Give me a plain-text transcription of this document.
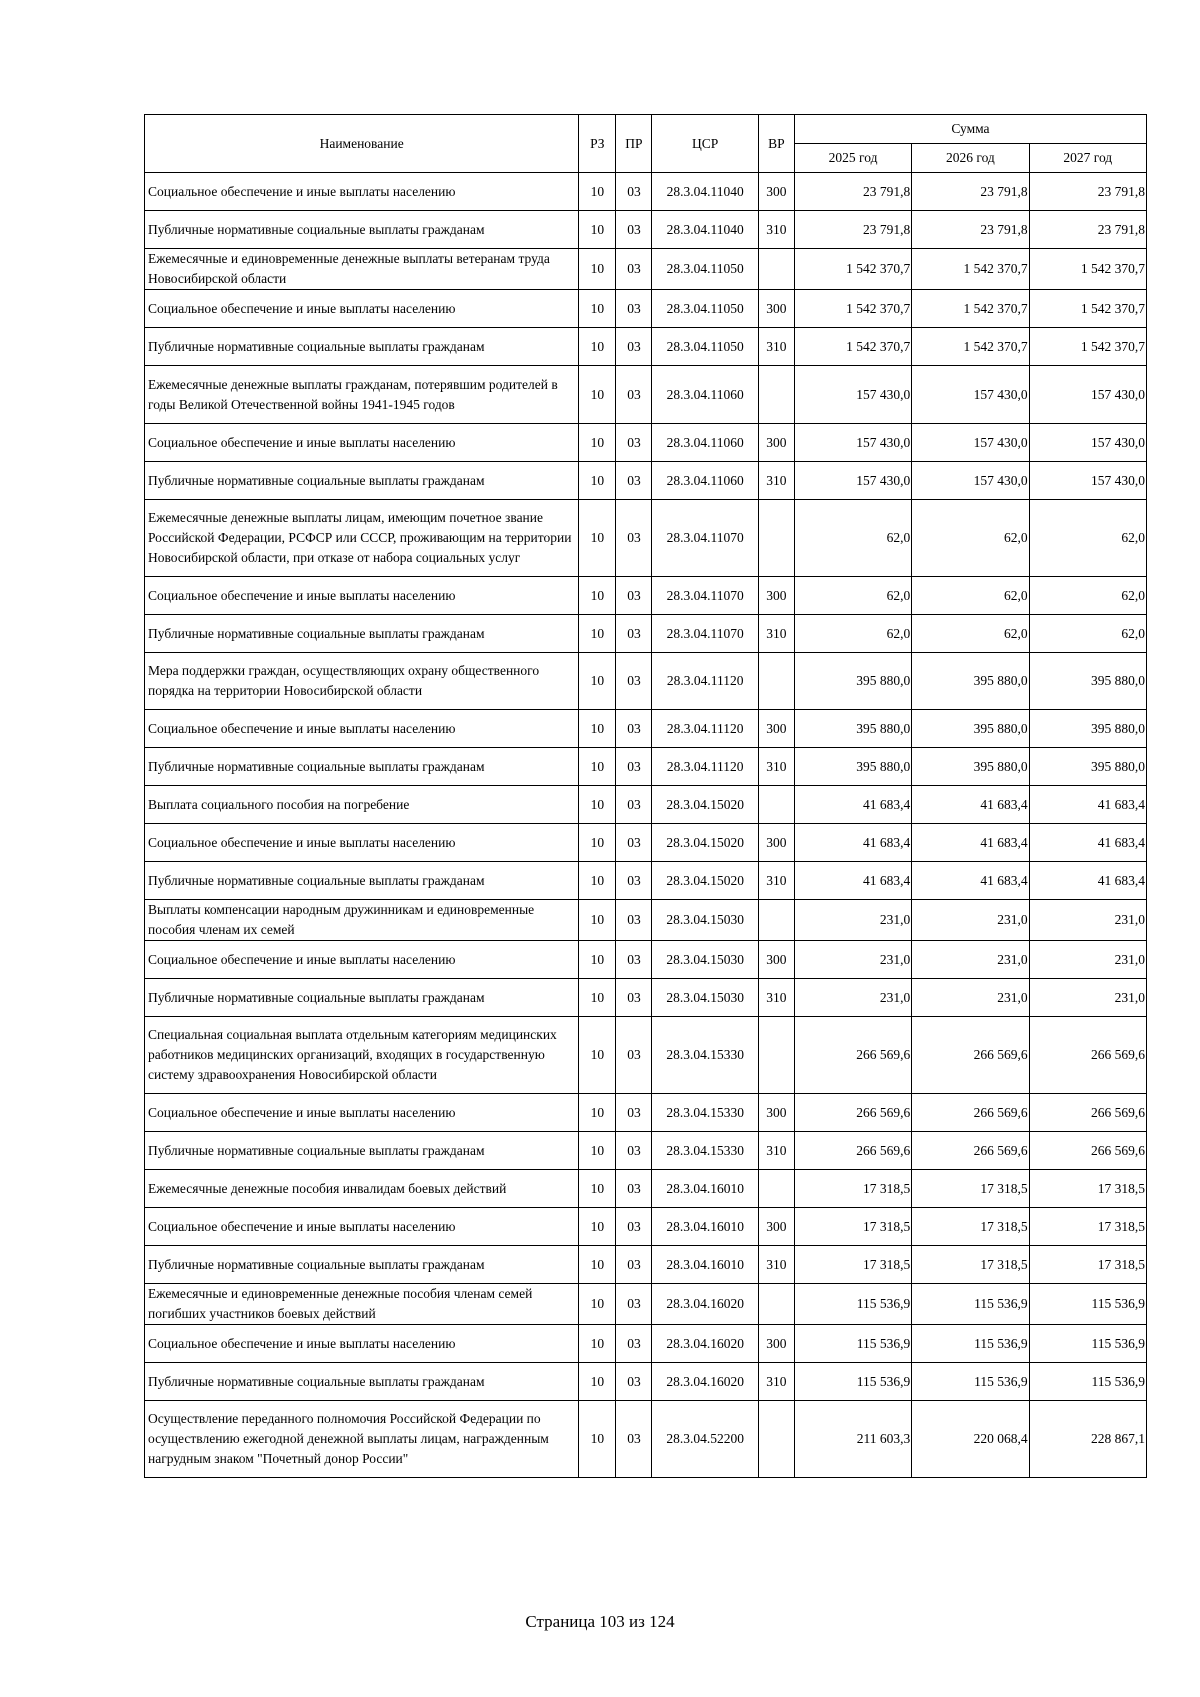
Наименование	РЗ	ПР	ЦСР	ВР	Сумма		
					2025 год	2026 год	2027 год
Социальное обеспечение и иные выплаты населению	10	03	28.3.04.11040	300	23 791,8	23 791,8	23 791,8
Публичные нормативные социальные выплаты гражданам	10	03	28.3.04.11040	310	23 791,8	23 791,8	23 791,8
Ежемесячные и единовременные денежные выплаты ветеранам труда Новосибирской области	10	03	28.3.04.11050		1 542 370,7	1 542 370,7	1 542 370,7
Социальное обеспечение и иные выплаты населению	10	03	28.3.04.11050	300	1 542 370,7	1 542 370,7	1 542 370,7
Публичные нормативные социальные выплаты гражданам	10	03	28.3.04.11050	310	1 542 370,7	1 542 370,7	1 542 370,7
Ежемесячные денежные выплаты гражданам, потерявшим родителей в годы Великой Отечественной войны 1941-1945 годов	10	03	28.3.04.11060		157 430,0	157 430,0	157 430,0
Социальное обеспечение и иные выплаты населению	10	03	28.3.04.11060	300	157 430,0	157 430,0	157 430,0
Публичные нормативные социальные выплаты гражданам	10	03	28.3.04.11060	310	157 430,0	157 430,0	157 430,0
Ежемесячные денежные выплаты лицам, имеющим почетное звание Российской Федерации, РСФСР или СССР, проживающим на территории Новосибирской области, при отказе от набора социальных услуг	10	03	28.3.04.11070		62,0	62,0	62,0
Социальное обеспечение и иные выплаты населению	10	03	28.3.04.11070	300	62,0	62,0	62,0
Публичные нормативные социальные выплаты гражданам	10	03	28.3.04.11070	310	62,0	62,0	62,0
Мера поддержки граждан, осуществляющих охрану общественного порядка на территории Новосибирской области	10	03	28.3.04.11120		395 880,0	395 880,0	395 880,0
Социальное обеспечение и иные выплаты населению	10	03	28.3.04.11120	300	395 880,0	395 880,0	395 880,0
Публичные нормативные социальные выплаты гражданам	10	03	28.3.04.11120	310	395 880,0	395 880,0	395 880,0
Выплата социального пособия на погребение	10	03	28.3.04.15020		41 683,4	41 683,4	41 683,4
Социальное обеспечение и иные выплаты населению	10	03	28.3.04.15020	300	41 683,4	41 683,4	41 683,4
Публичные нормативные социальные выплаты гражданам	10	03	28.3.04.15020	310	41 683,4	41 683,4	41 683,4
Выплаты компенсации народным дружинникам и единовременные пособия членам их семей	10	03	28.3.04.15030		231,0	231,0	231,0
Социальное обеспечение и иные выплаты населению	10	03	28.3.04.15030	300	231,0	231,0	231,0
Публичные нормативные социальные выплаты гражданам	10	03	28.3.04.15030	310	231,0	231,0	231,0
Специальная социальная выплата отдельным категориям медицинских работников медицинских организаций, входящих в государственную систему здравоохранения Новосибирской области	10	03	28.3.04.15330		266 569,6	266 569,6	266 569,6
Социальное обеспечение и иные выплаты населению	10	03	28.3.04.15330	300	266 569,6	266 569,6	266 569,6
Публичные нормативные социальные выплаты гражданам	10	03	28.3.04.15330	310	266 569,6	266 569,6	266 569,6
Ежемесячные денежные пособия инвалидам боевых действий	10	03	28.3.04.16010		17 318,5	17 318,5	17 318,5
Социальное обеспечение и иные выплаты населению	10	03	28.3.04.16010	300	17 318,5	17 318,5	17 318,5
Публичные нормативные социальные выплаты гражданам	10	03	28.3.04.16010	310	17 318,5	17 318,5	17 318,5
Ежемесячные и единовременные денежные пособия членам семей погибших участников боевых действий	10	03	28.3.04.16020		115 536,9	115 536,9	115 536,9
Социальное обеспечение и иные выплаты населению	10	03	28.3.04.16020	300	115 536,9	115 536,9	115 536,9
Публичные нормативные социальные выплаты гражданам	10	03	28.3.04.16020	310	115 536,9	115 536,9	115 536,9
Осуществление переданного полномочия Российской Федерации по осуществлению ежегодной денежной выплаты лицам, награжденным нагрудным знаком "Почетный донор России"	10	03	28.3.04.52200		211 603,3	220 068,4	228 867,1
Страница 103 из 124
